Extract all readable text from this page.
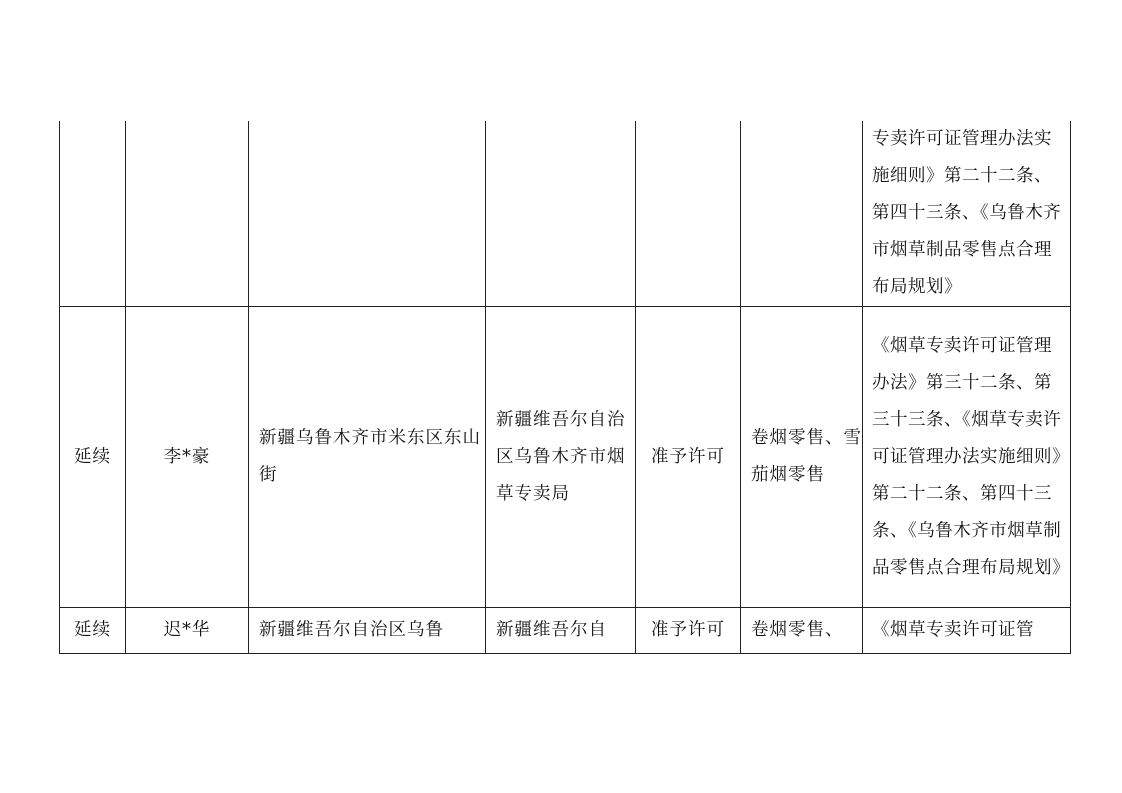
						专卖许可证管理办法实施细则》第二十二条、第四十三条、《乌鲁木齐市烟草制品零售点合理布局规划》

延续	李*豪	新疆乌鲁木齐市米东区东山街	新疆维吾尔自治区乌鲁木齐市烟草专卖局	准予许可	卷烟零售、雪茄烟零售	《烟草专卖许可证管理办法》第三十二条、第三十三条、《烟草专卖许可证管理办法实施细则》第二十二条、第四十三条、《乌鲁木齐市烟草制品零售点合理布局规划》

延续	迟*华	新疆维吾尔自治区乌鲁	新疆维吾尔自	准予许可	卷烟零售、	《烟草专卖许可证管
